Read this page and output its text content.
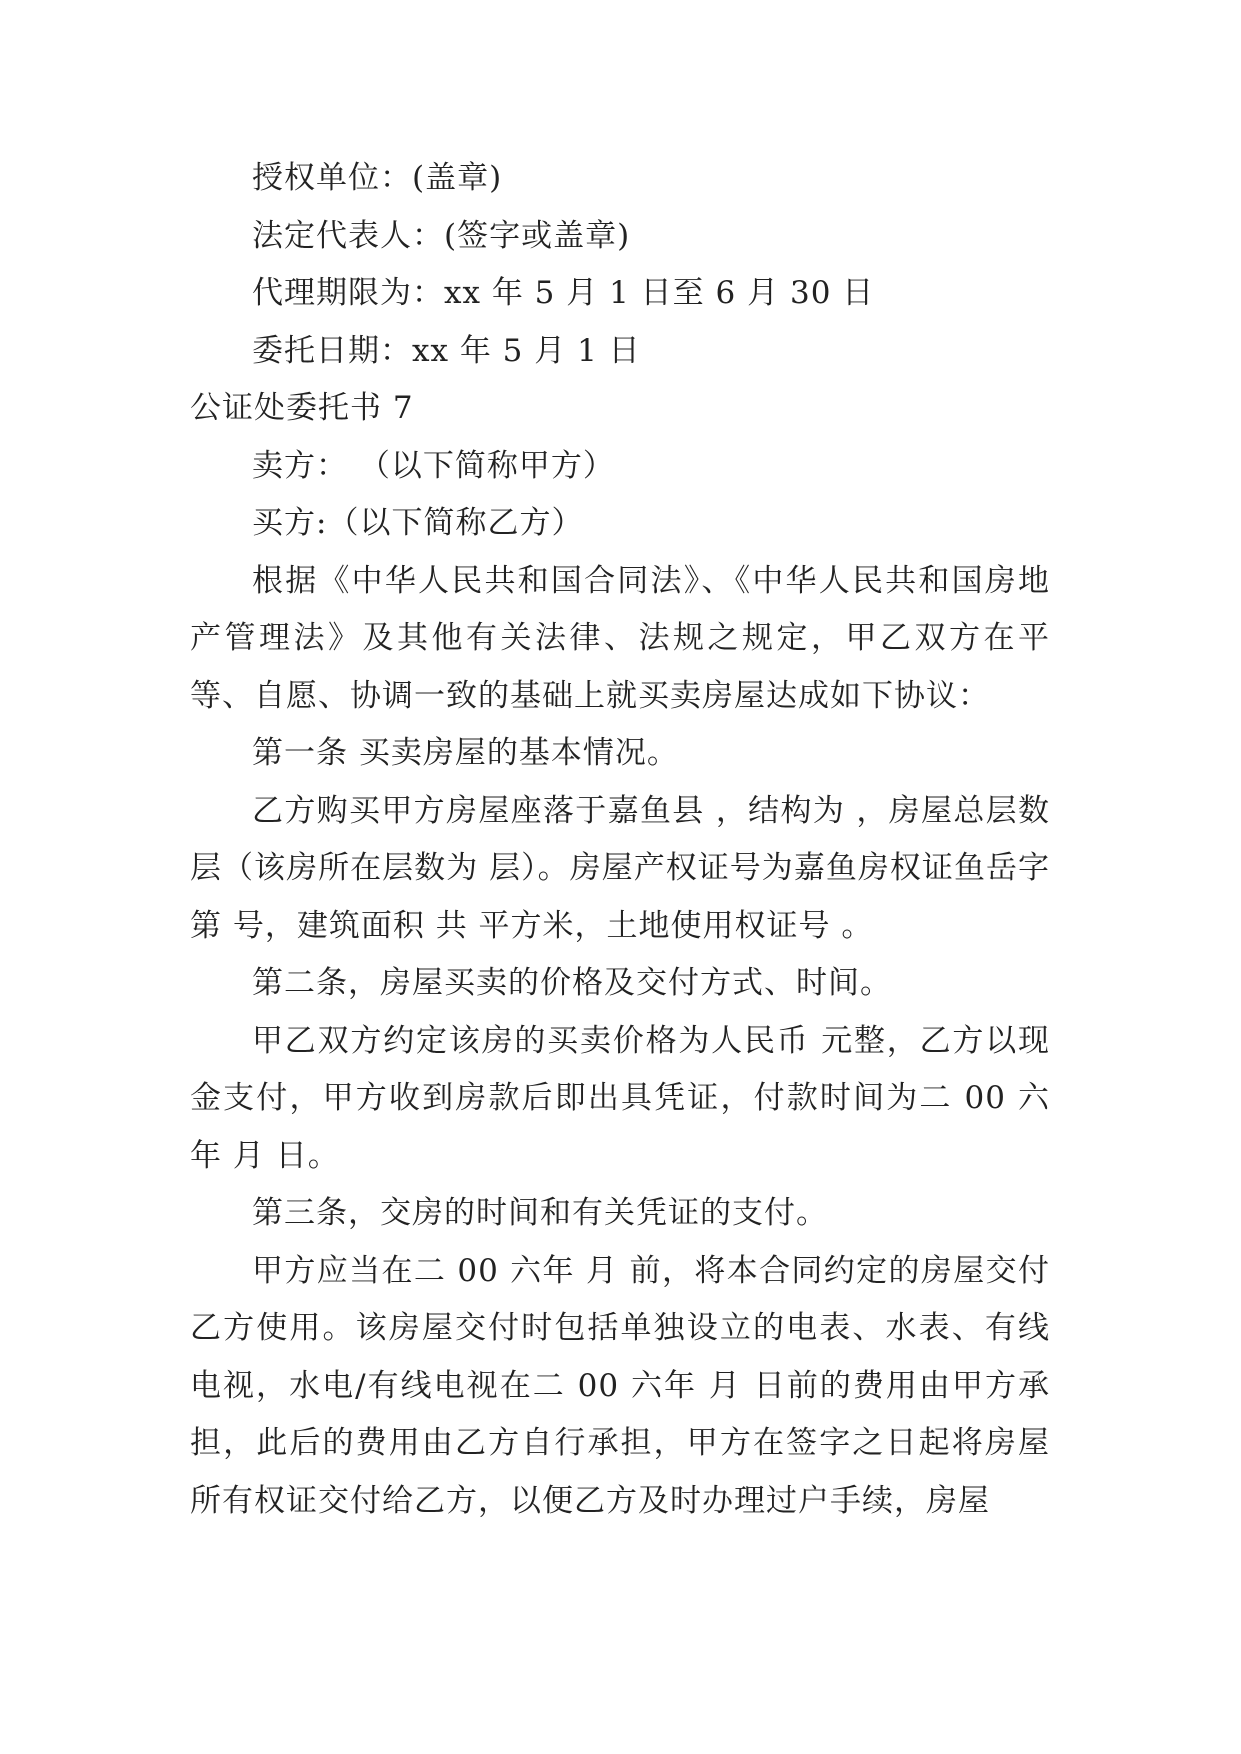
授权单位：(盖章)

法定代表人：(签字或盖章)

代理期限为：xx 年 5 月 1 日至 6 月 30 日

委托日期：xx 年 5 月 1 日

公证处委托书 7

卖方： （以下简称甲方）

买方:（以下简称乙方）

根据《中华人民共和国合同法》、《中华人民共和国房地产管理法》及其他有关法律、法规之规定，甲乙双方在平等、自愿、协调一致的基础上就买卖房屋达成如下协议：

第一条 买卖房屋的基本情况。

乙方购买甲方房屋座落于嘉鱼县 ，结构为 ，房屋总层数 层（该房所在层数为 层）。房屋产权证号为嘉鱼房权证鱼岳字第 号，建筑面积 共 平方米，土地使用权证号 。

第二条，房屋买卖的价格及交付方式、时间。

甲乙双方约定该房的买卖价格为人民币 元整，乙方以现金支付，甲方收到房款后即出具凭证，付款时间为二 00 六年 月 日。

第三条，交房的时间和有关凭证的支付。

甲方应当在二 00 六年 月 前，将本合同约定的房屋交付乙方使用。该房屋交付时包括单独设立的电表、水表、有线电视，水电/有线电视在二 00 六年 月 日前的费用由甲方承担，此后的费用由乙方自行承担，甲方在签字之日起将房屋所有权证交付给乙方，以便乙方及时办理过户手续，房屋
